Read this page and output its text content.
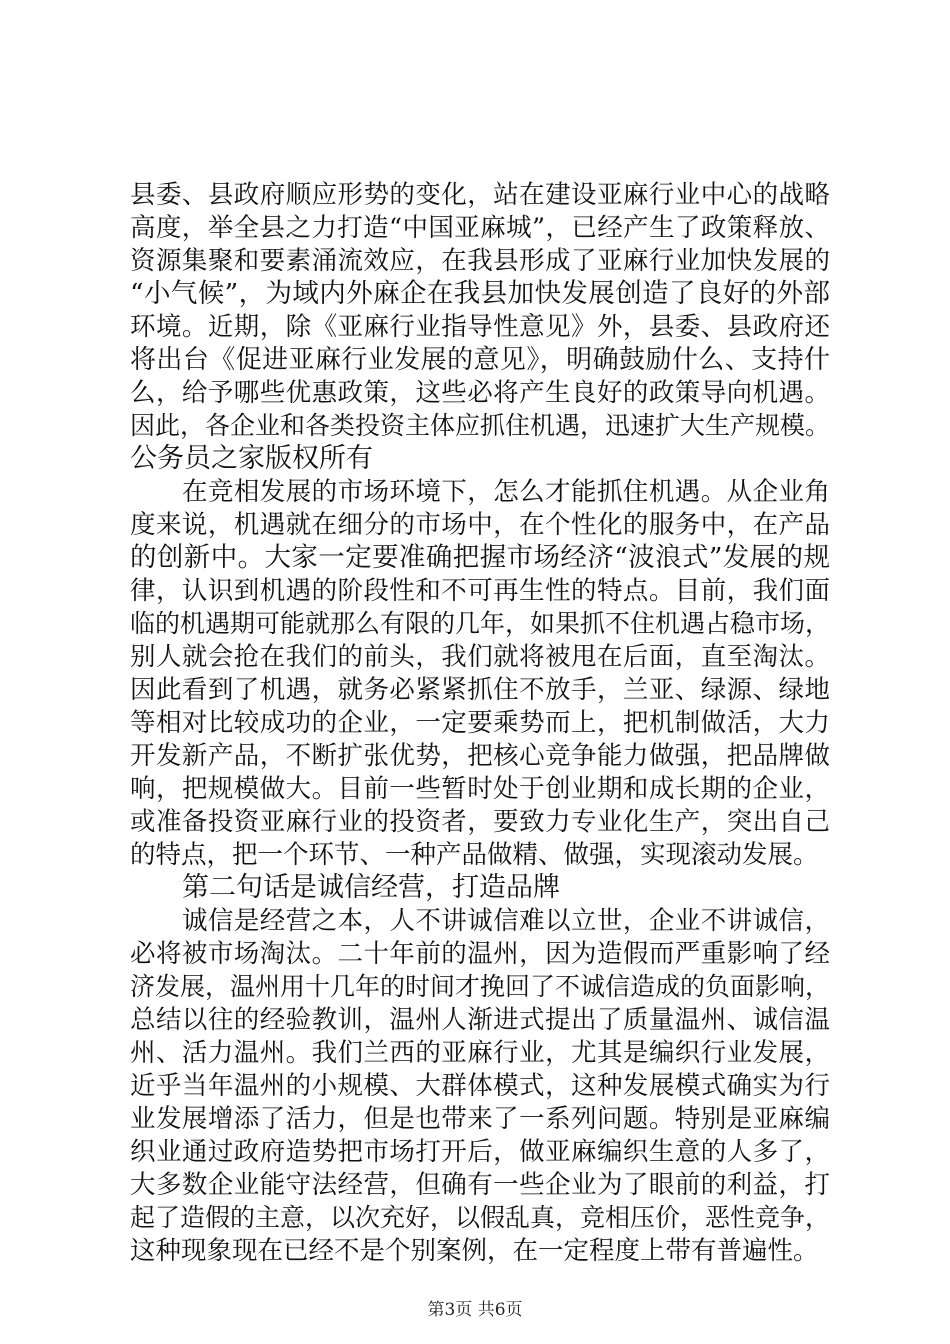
县委、县政府顺应形势的变化，站在建设亚麻行业中心的战略
高度，举全县之力打造“中国亚麻城”，已经产生了政策释放、
资源集聚和要素涌流效应，在我县形成了亚麻行业加快发展的
“小气候”，为域内外麻企在我县加快发展创造了良好的外部
环境。近期，除《亚麻行业指导性意见》外，县委、县政府还
将出台《促进亚麻行业发展的意见》，明确鼓励什么、支持什
么，给予哪些优惠政策，这些必将产生良好的政策导向机遇。
因此，各企业和各类投资主体应抓住机遇，迅速扩大生产规模。
公务员之家版权所有
在竞相发展的市场环境下，怎么才能抓住机遇。从企业角
度来说，机遇就在细分的市场中，在个性化的服务中，在产品
的创新中。大家一定要准确把握市场经济“波浪式”发展的规
律，认识到机遇的阶段性和不可再生性的特点。目前，我们面
临的机遇期可能就那么有限的几年，如果抓不住机遇占稳市场，
别人就会抢在我们的前头，我们就将被甩在后面，直至淘汰。
因此看到了机遇，就务必紧紧抓住不放手，兰亚、绿源、绿地
等相对比较成功的企业，一定要乘势而上，把机制做活，大力
开发新产品，不断扩张优势，把核心竞争能力做强，把品牌做
响，把规模做大。目前一些暂时处于创业期和成长期的企业，
或准备投资亚麻行业的投资者，要致力专业化生产，突出自己
的特点，把一个环节、一种产品做精、做强，实现滚动发展。
第二句话是诚信经营，打造品牌
诚信是经营之本，人不讲诚信难以立世，企业不讲诚信，
必将被市场淘汰。二十年前的温州，因为造假而严重影响了经
济发展，温州用十几年的时间才挽回了不诚信造成的负面影响，
总结以往的经验教训，温州人渐进式提出了质量温州、诚信温
州、活力温州。我们兰西的亚麻行业，尤其是编织行业发展，
近乎当年温州的小规模、大群体模式，这种发展模式确实为行
业发展增添了活力，但是也带来了一系列问题。特别是亚麻编
织业通过政府造势把市场打开后，做亚麻编织生意的人多了，
大多数企业能守法经营，但确有一些企业为了眼前的利益，打
起了造假的主意，以次充好，以假乱真，竞相压价，恶性竞争，
这种现象现在已经不是个别案例，在一定程度上带有普遍性。
第3页 共6页
